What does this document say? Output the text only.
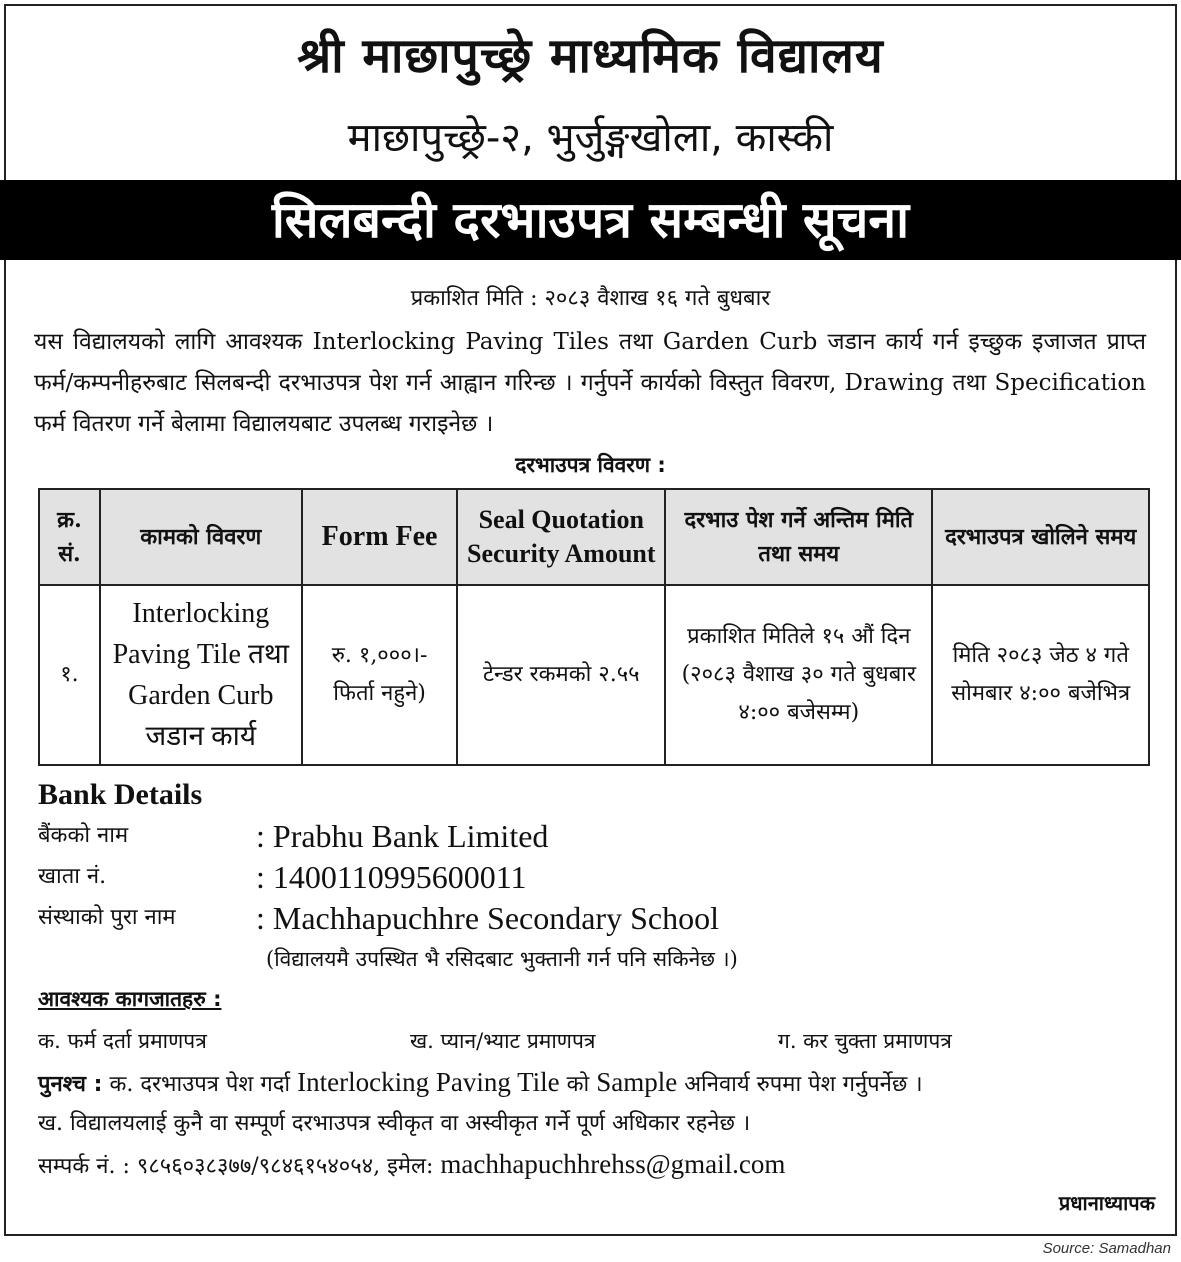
श्री माछापुच्छ्रे माध्यमिक विद्यालय
माछापुच्छ्रे-२, भुर्जुङ्गखोला, कास्की
सिलबन्दी दरभाउपत्र सम्बन्धी सूचना
प्रकाशित मिति : २०८३ वैशाख १६ गते बुधबार
यस विद्यालयको लागि आवश्यक Interlocking Paving Tiles तथा Garden Curb जडान कार्य गर्न इच्छुक इजाजत प्राप्त फर्म/कम्पनीहरुबाट सिलबन्दी दरभाउपत्र पेश गर्न आह्वान गरिन्छ । गर्नुपर्ने कार्यको विस्तुत विवरण, Drawing तथा Specification फर्म वितरण गर्ने बेलामा विद्यालयबाट उपलब्ध गराइनेछ ।
दरभाउपत्र विवरण :
क्र. सं.	कामको विवरण	Form Fee	Seal Quotation Security Amount	दरभाउ पेश गर्ने अन्तिम मिति तथा समय	दरभाउपत्र खोलिने समय
१.	Interlocking Paving Tile तथा Garden Curb जडान कार्य	रु. १,०००।- फिर्ता नहुने)	टेन्डर रकमको २.५५	प्रकाशित मितिले १५ औं दिन (२०८३ वैशाख ३० गते बुधबार ४:०० बजेसम्म)	मिति २०८३ जेठ ४ गते सोमबार ४:०० बजेभित्र
Bank Details
बैंकको नाम	: Prabhu Bank Limited
खाता नं.	: 14001109956​00011
संस्थाको पुरा नाम	: Machhapuchhre Secondary School
(विद्यालयमै उपस्थित भै रसिदबाट भुक्तानी गर्न पनि सकिनेछ ।)
आवश्यक कागजातहरु :
क. फर्म दर्ता प्रमाणपत्र	ख. प्यान/भ्याट प्रमाणपत्र	ग. कर चुक्ता प्रमाणपत्र
पुनश्च : क. दरभाउपत्र पेश गर्दा Interlocking Paving Tile को Sample अनिवार्य रुपमा पेश गर्नुपर्नेछ ।
ख. विद्यालयलाई कुनै वा सम्पूर्ण दरभाउपत्र स्वीकृत वा अस्वीकृत गर्ने पूर्ण अधिकार रहनेछ ।
सम्पर्क नं. : ९८५६०३८३७७/९८४६१५४०५४, इमेल: machhapuchhrehss@gmail.com
प्रधानाध्यापक
Source: Samadhan
